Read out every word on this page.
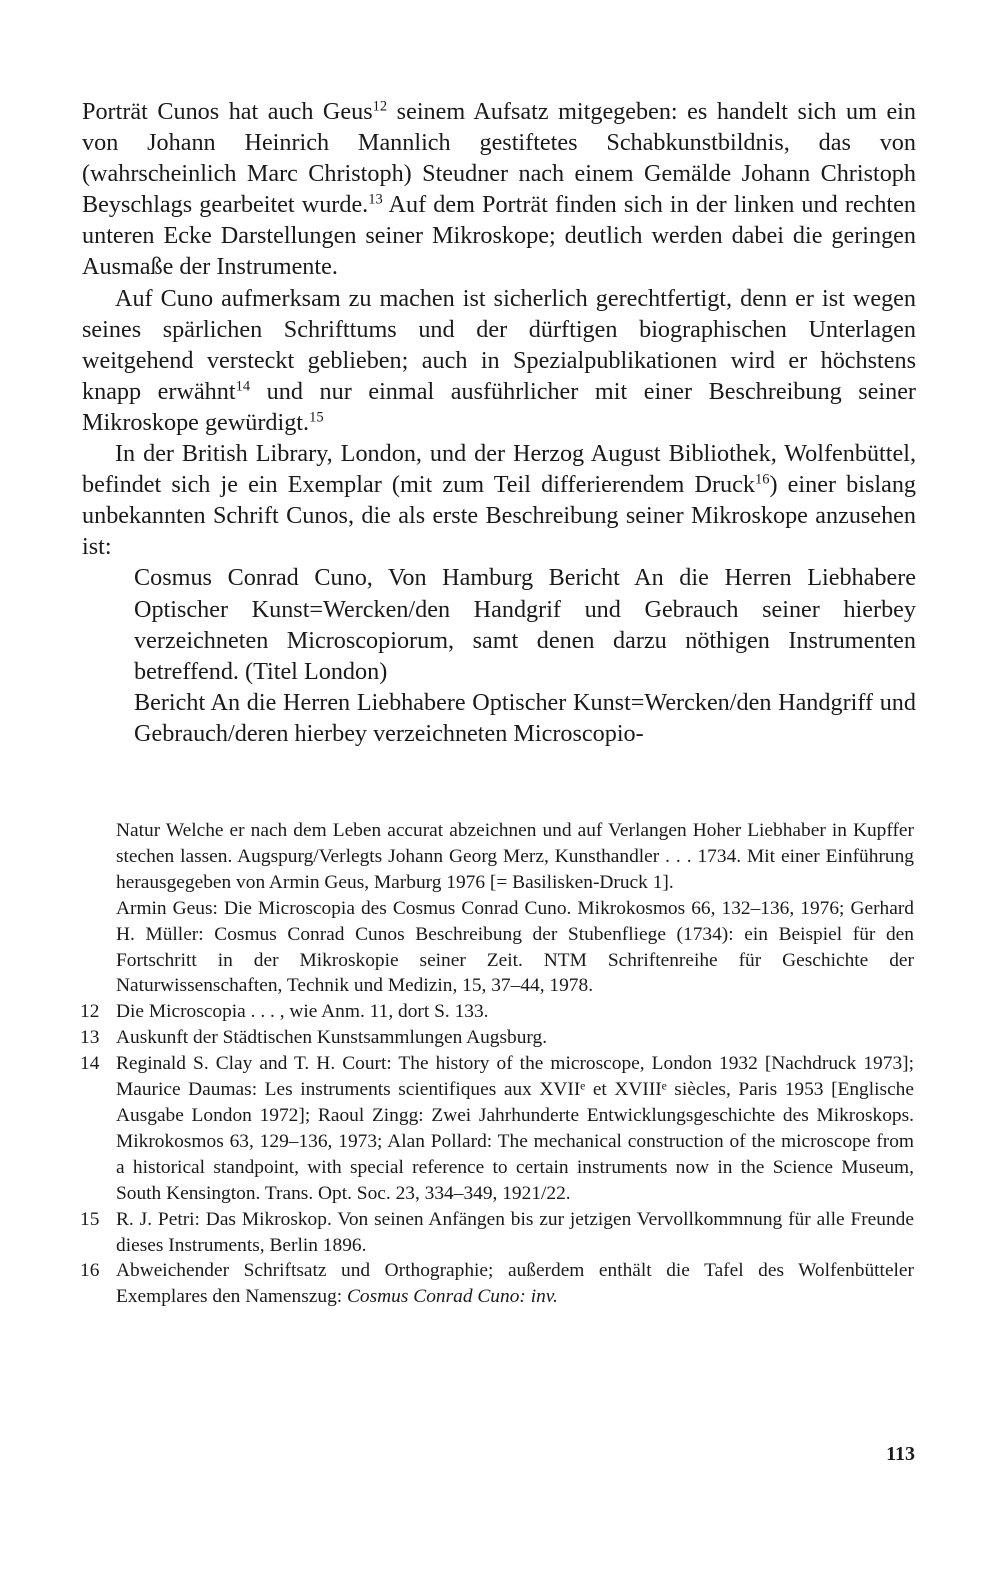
Porträt Cunos hat auch Geus$^{12}$ seinem Aufsatz mitgegeben: es handelt sich um ein von Johann Heinrich Mannlich gestiftetes Schabkunstbildnis, das von (wahrscheinlich Marc Christoph) Steudner nach einem Gemälde Johann Christoph Beyschlags gearbeitet wurde.$^{13}$ Auf dem Porträt finden sich in der linken und rechten unteren Ecke Darstellungen seiner Mikroskope; deutlich werden dabei die geringen Ausmaße der Instrumente.

Auf Cuno aufmerksam zu machen ist sicherlich gerechtfertigt, denn er ist wegen seines spärlichen Schrifttums und der dürftigen biographischen Unterlagen weitgehend versteckt geblieben; auch in Spezialpublikationen wird er höchstens knapp erwähnt$^{14}$ und nur einmal ausführlicher mit einer Beschreibung seiner Mikroskope gewürdigt.$^{15}$

In der British Library, London, und der Herzog August Bibliothek, Wolfenbüttel, befindet sich je ein Exemplar (mit zum Teil differierendem Druck$^{16}$) einer bislang unbekannten Schrift Cunos, die als erste Beschreibung seiner Mikroskope anzusehen ist:

Cosmus Conrad Cuno, Von Hamburg Bericht An die Herren Liebhabere Optischer Kunst=Wercken/den Handgrif und Gebrauch seiner hierbey verzeichneten Microscopiorum, samt denen darzu nöthigen Instrumenten betreffend. (Titel London)

Bericht An die Herren Liebhabere Optischer Kunst=Wercken/den Handgriff und Gebrauch/deren hierbey verzeichneten Microscopio-

Natur Welche er nach dem Leben accurat abzeichnen und auf Verlangen Hoher Liebhaber in Kupffer stechen lassen. Augspurg/Verlegts Johann Georg Merz, Kunsthandler . . . 1734. Mit einer Einführung herausgegeben von Armin Geus, Marburg 1976 [= Basilisken-Druck 1].

Armin Geus: Die Microscopia des Cosmus Conrad Cuno. Mikrokosmos 66, 132–136, 1976; Gerhard H. Müller: Cosmus Conrad Cunos Beschreibung der Stubenfliege (1734): ein Beispiel für den Fortschritt in der Mikroskopie seiner Zeit. NTM Schriftenreihe für Geschichte der Naturwissenschaften, Technik und Medizin, 15, 37–44, 1978.

12 Die Microscopia . . . , wie Anm. 11, dort S. 133.

13 Auskunft der Städtischen Kunstsammlungen Augsburg.

14 Reginald S. Clay and T. H. Court: The history of the microscope, London 1932 [Nachdruck 1973]; Maurice Daumas: Les instruments scientifiques aux XVIIᵉ et XVIIIᵉ siècles, Paris 1953 [Englische Ausgabe London 1972]; Raoul Zingg: Zwei Jahrhunderte Entwicklungsgeschichte des Mikroskops. Mikrokosmos 63, 129–136, 1973; Alan Pollard: The mechanical construction of the microscope from a historical standpoint, with special reference to certain instruments now in the Science Museum, South Kensington. Trans. Opt. Soc. 23, 334–349, 1921/22.

15 R. J. Petri: Das Mikroskop. Von seinen Anfängen bis zur jetzigen Vervollkommnung für alle Freunde dieses Instruments, Berlin 1896.

16 Abweichender Schriftsatz und Orthographie; außerdem enthält die Tafel des Wolfenbütteler Exemplares den Namenszug: Cosmus Conrad Cuno: inv.

113
